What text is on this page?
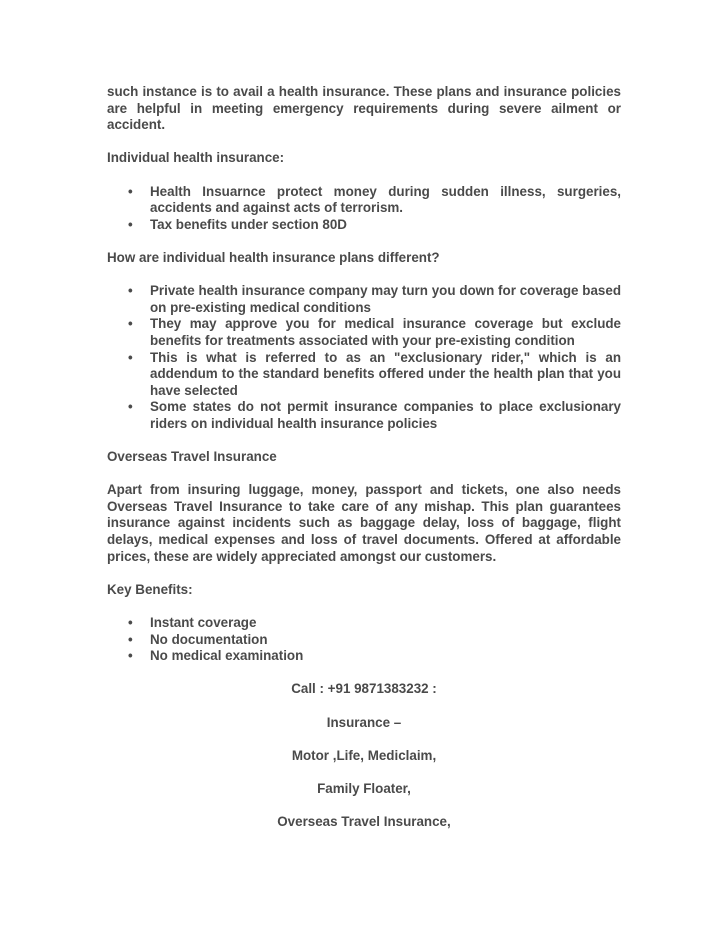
such instance is to avail a health insurance. These plans and insurance policies are helpful in meeting emergency requirements during severe ailment or accident.

Individual health insurance:

• Health Insuarnce protect money during sudden illness, surgeries, accidents and against acts of terrorism.
• Tax benefits under section 80D

How are individual health insurance plans different?

• Private health insurance company may turn you down for coverage based on pre-existing medical conditions
• They may approve you for medical insurance coverage but exclude benefits for treatments associated with your pre-existing condition
• This is what is referred to as an "exclusionary rider," which is an addendum to the standard benefits offered under the health plan that you have selected
• Some states do not permit insurance companies to place exclusionary riders on individual health insurance policies

Overseas Travel Insurance

Apart from insuring luggage, money, passport and tickets, one also needs Overseas Travel Insurance to take care of any mishap. This plan guarantees insurance against incidents such as baggage delay, loss of baggage, flight delays, medical expenses and loss of travel documents. Offered at affordable prices, these are widely appreciated amongst our customers.

Key Benefits:

• Instant coverage
• No documentation
• No medical examination

Call : +91 9871383232 :

Insurance –

Motor ,Life, Mediclaim,

Family Floater,

Overseas Travel Insurance,
